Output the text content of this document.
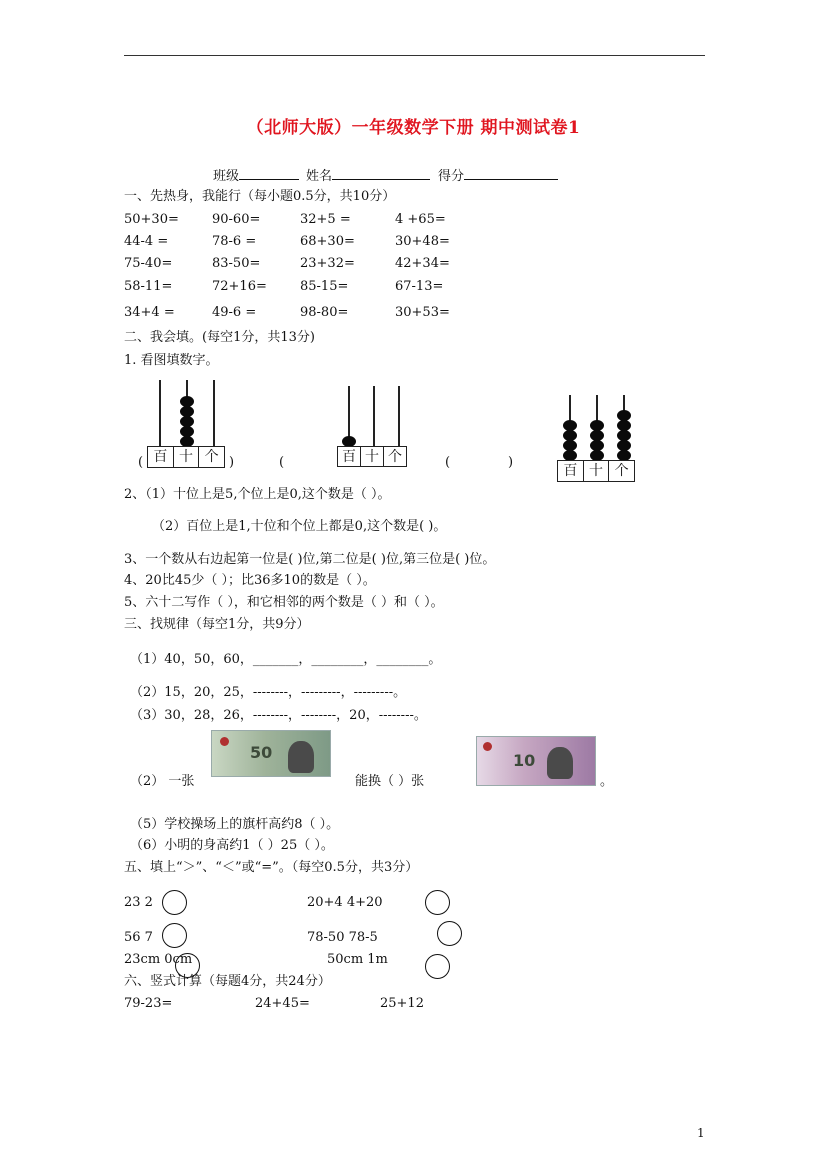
（北师大版）一年级数学下册 期中测试卷1
班级	姓名	得分
一、先热身，我能行（每小题0.5分，共10分）
50+30=	90-60=	32+5 =	4 +65=
44-4 =	78-6 =	68+30=	30+48=
75-40=	83-50=	23+32=	42+34=
58-11=	72+16=	85-15=	67-13=
34+4 =	49-6 =	98-80=	30+53=
二、我会填。(每空1分，共13分)
1. 看图填数字。
百 十 个
(	)	(	百 十 个	(	)
百 十 个
2、（1）十位上是5,个位上是0,这个数是（ ）。
（2）百位上是1,十位和个位上都是0,这个数是( )。
3、一个数从右边起第一位是( )位,第二位是( )位,第三位是( )位。
4、20比45少（ ）；比36多10的数是（ ）。
5、六十二写作（ ），和它相邻的两个数是（ ）和（ ）。
三、找规律（每空1分，共9分）
（1）40，50，60，_______，________，________。
（2）15，20，25，--------，---------，---------。
（3）30，28，26，--------，--------，20，--------。
50	10
（2） 一张	能换（ ）张	。
（5）学校操场上的旗杆高约8（ ）。
（6）小明的身高约1（ ）25（ ）。
五、填上“＞”、“＜”或“=”。（每空0.5分，共3分）
23 2	20+4 4+20
56 7	78-50 78-5
23cm 0cm	50cm 1m
六、竖式计算（每题4分，共24分）
79-23=	24+45=	25+12
1
